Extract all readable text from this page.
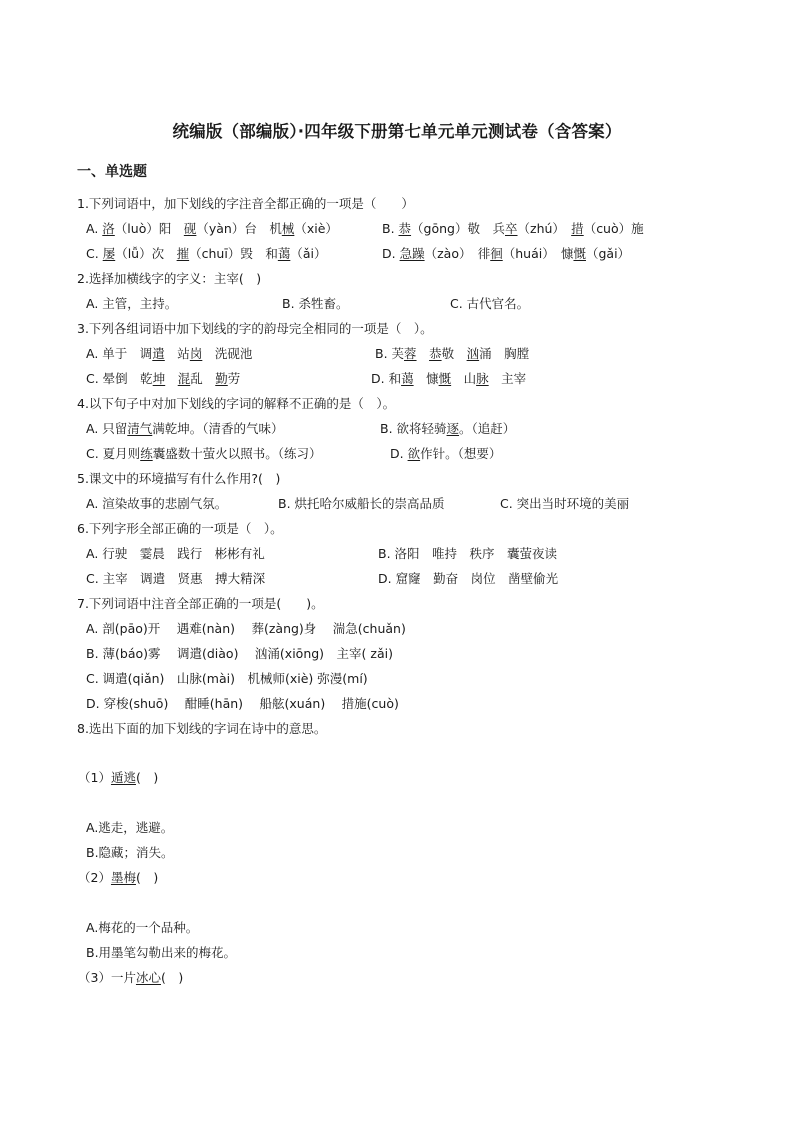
统编版（部编版）·四年级下册第七单元单元测试卷（含答案）
一、单选题
1.下列词语中，加下划线的字注音全都正确的一项是（　　）
A. 洛（luò）阳　砚（yàn）台　机械（xiè）	B. 恭（gōng）敬　兵卒（zhú）　措（cuò）施
C. 屡（lǚ）次　摧（chuī）毁　和蔼（ǎi）	D. 急躁（zào）　徘徊（huái）　慷慨（gǎi）
2.选择加横线字的字义：主宰(　)
A. 主管，主持。	B. 杀牲畜。	C. 古代官名。
3.下列各组词语中加下划线的字的韵母完全相同的一项是（　）。
A. 单于　调遣　站岗　洗砚池	B. 芙蓉　 恭敬　汹涌　胸膛
C. 晕倒　乾坤　 混乱　勤劳	D. 和蔼　慷慨　山脉　主宰
4.以下句子中对加下划线的字词的解释不正确的是（　）。
A. 只留清气满乾坤。（清香的气味）	B. 欲将轻骑逐。（追赶）
C. 夏月则练囊盛数十萤火以照书。（练习）	D. 欲作针。（想要）
5.课文中的环境描写有什么作用?(　)
A. 渲染故事的悲剧气氛。	B. 烘托哈尔威船长的崇高品质	C. 突出当时环境的美丽
6.下列字形全部正确的一项是（　）。
A. 行驶　霎晨　践行　彬彬有礼	B. 洛阳　唯持　秩序　囊萤夜读
C. 主宰　调遣　贤惠　搏大精深	D. 窟窿　勤奋　岗位　凿壁偷光
7.下列词语中注音全部正确的一项是(　　)。
A. 剖(pāo)开　 遇难(nàn)　 葬(zàng)身　 湍急(chuǎn)
B. 薄(báo)雾　 调遣(diào)　 汹涌(xiōng)　主宰( zǎi)
C. 调遣(qiǎn)　山脉(mài)　机械师(xiè) 弥漫(mí)
D. 穿梭(shuō)　 酣睡(hān)　 船舷(xuán)　 措施(cuò)
8.选出下面的加下划线的字词在诗中的意思。
（1）遁逃(　)
A.逃走，逃避。
B.隐藏；消失。
（2）墨梅(　)
A.梅花的一个品种。
B.用墨笔勾勒出来的梅花。
（3）一片冰心(　)
